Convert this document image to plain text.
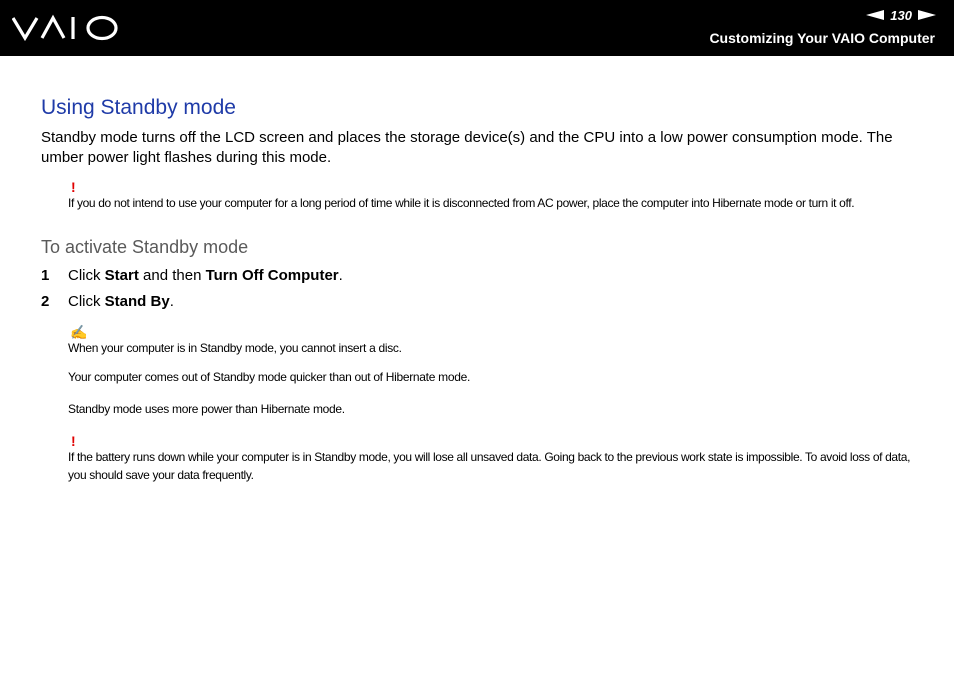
130
Customizing Your VAIO Computer
Using Standby mode
Standby mode turns off the LCD screen and places the storage device(s) and the CPU into a low power consumption mode. The umber power light flashes during this mode.
!
If you do not intend to use your computer for a long period of time while it is disconnected from AC power, place the computer into Hibernate mode or turn it off.
To activate Standby mode
1 Click Start and then Turn Off Computer.
2 Click Stand By.
✍
When your computer is in Standby mode, you cannot insert a disc.
Your computer comes out of Standby mode quicker than out of Hibernate mode.
Standby mode uses more power than Hibernate mode.
!
If the battery runs down while your computer is in Standby mode, you will lose all unsaved data. Going back to the previous work state is impossible. To avoid loss of data, you should save your data frequently.
